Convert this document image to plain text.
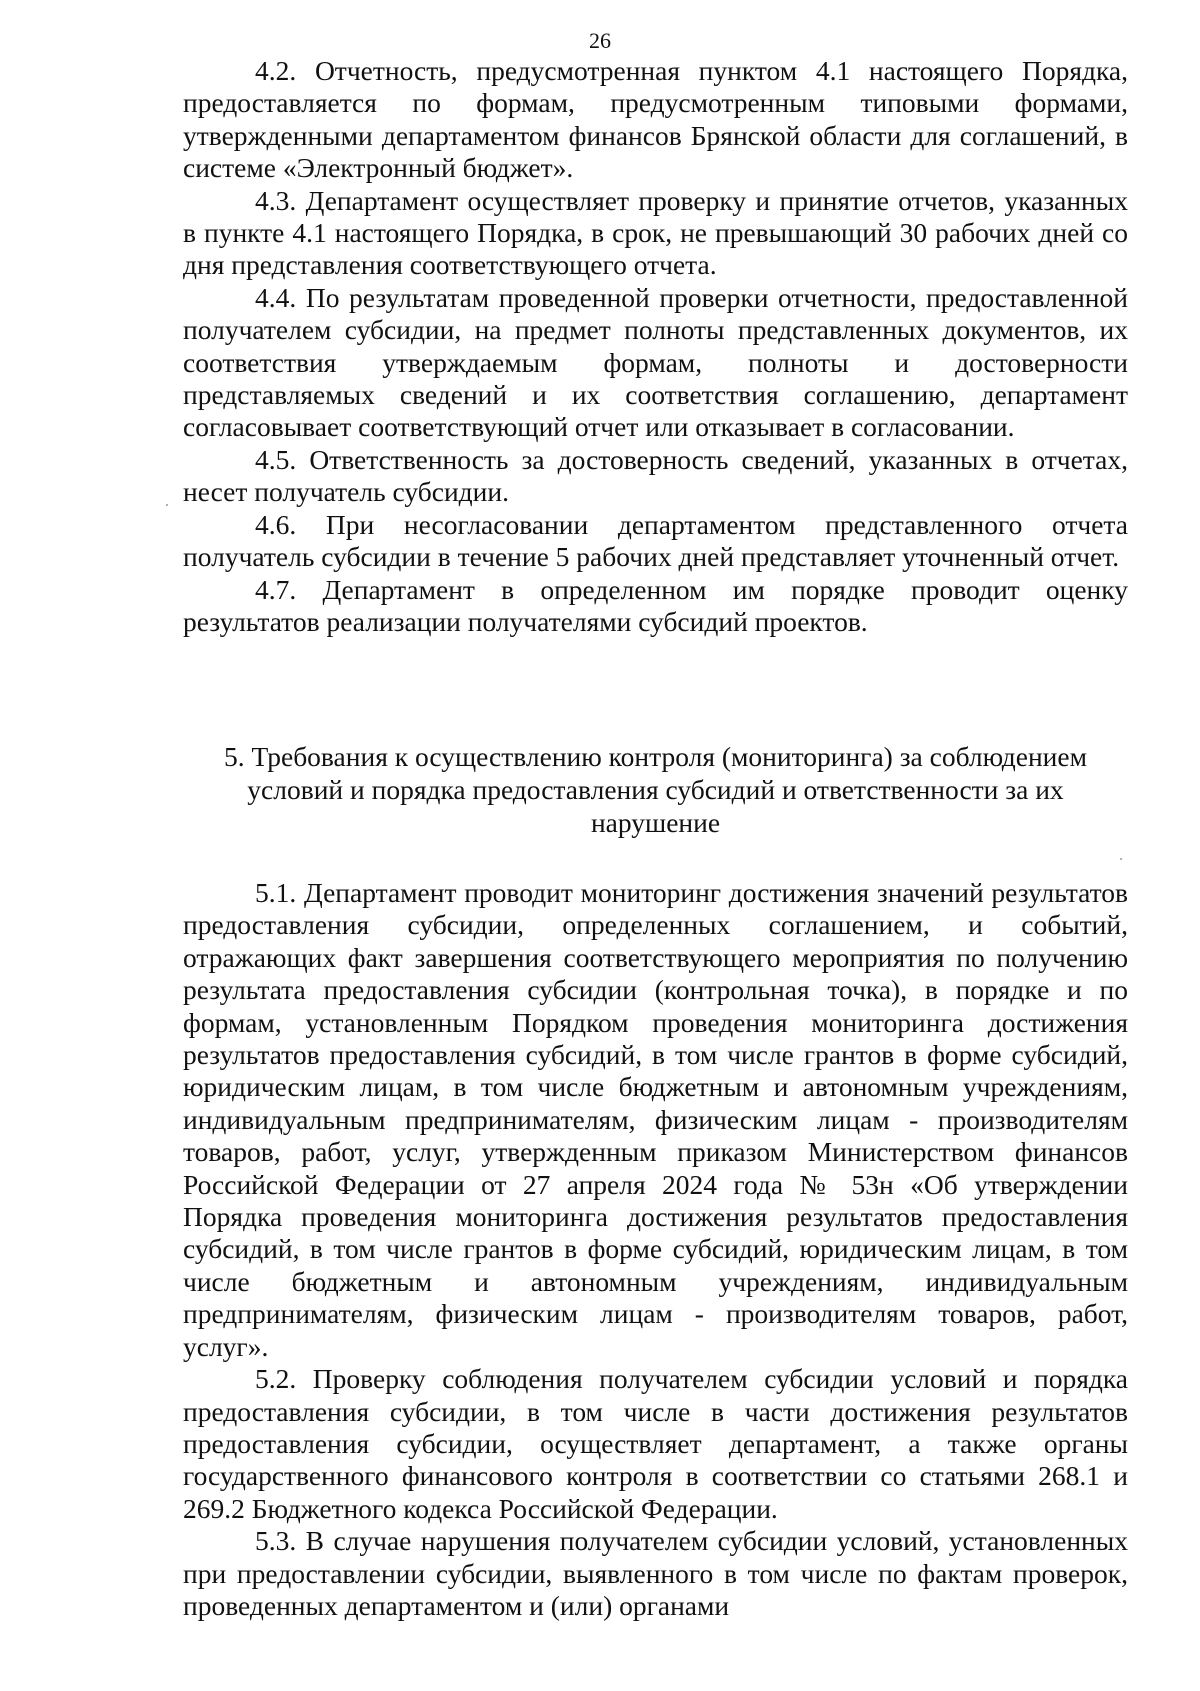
26

4.2. Отчетность, предусмотренная пунктом 4.1 настоящего Порядка, предоставляется по формам, предусмотренным типовыми формами, утвержденными департаментом финансов Брянской области для соглашений, в системе «Электронный бюджет».

4.3. Департамент осуществляет проверку и принятие отчетов, указанных в пункте 4.1 настоящего Порядка, в срок, не превышающий 30 рабочих дней со дня представления соответствующего отчета.

4.4. По результатам проведенной проверки отчетности, предоставленной получателем субсидии, на предмет полноты представленных документов, их соответствия утверждаемым формам, полноты и достоверности представляемых сведений и их соответствия соглашению, департамент согласовывает соответствующий отчет или отказывает в согласовании.

4.5. Ответственность за достоверность сведений, указанных в отчетах, несет получатель субсидии.

4.6. При несогласовании департаментом представленного отчета получатель субсидии в течение 5 рабочих дней представляет уточненный отчет.

4.7. Департамент в определенном им порядке проводит оценку результатов реализации получателями субсидий проектов.

5. Требования к осуществлению контроля (мониторинга) за соблюдением условий и порядка предоставления субсидий и ответственности за их нарушение

5.1. Департамент проводит мониторинг достижения значений результатов предоставления субсидии, определенных соглашением, и событий, отражающих факт завершения соответствующего мероприятия по получению результата предоставления субсидии (контрольная точка), в порядке и по формам, установленным Порядком проведения мониторинга достижения результатов предоставления субсидий, в том числе грантов в форме субсидий, юридическим лицам, в том числе бюджетным и автономным учреждениям, индивидуальным предпринимателям, физическим лицам - производителям товаров, работ, услуг, утвержденным приказом Министерством финансов Российской Федерации от 27 апреля 2024 года № 53н «Об утверждении Порядка проведения мониторинга достижения результатов предоставления субсидий, в том числе грантов в форме субсидий, юридическим лицам, в том числе бюджетным и автономным учреждениям, индивидуальным предпринимателям, физическим лицам - производителям товаров, работ, услуг».

5.2. Проверку соблюдения получателем субсидии условий и порядка предоставления субсидии, в том числе в части достижения результатов предоставления субсидии, осуществляет департамент, а также органы государственного финансового контроля в соответствии со статьями 268.1 и 269.2 Бюджетного кодекса Российской Федерации.

5.3. В случае нарушения получателем субсидии условий, установленных при предоставлении субсидии, выявленного в том числе по фактам проверок, проведенных департаментом и (или) органами
